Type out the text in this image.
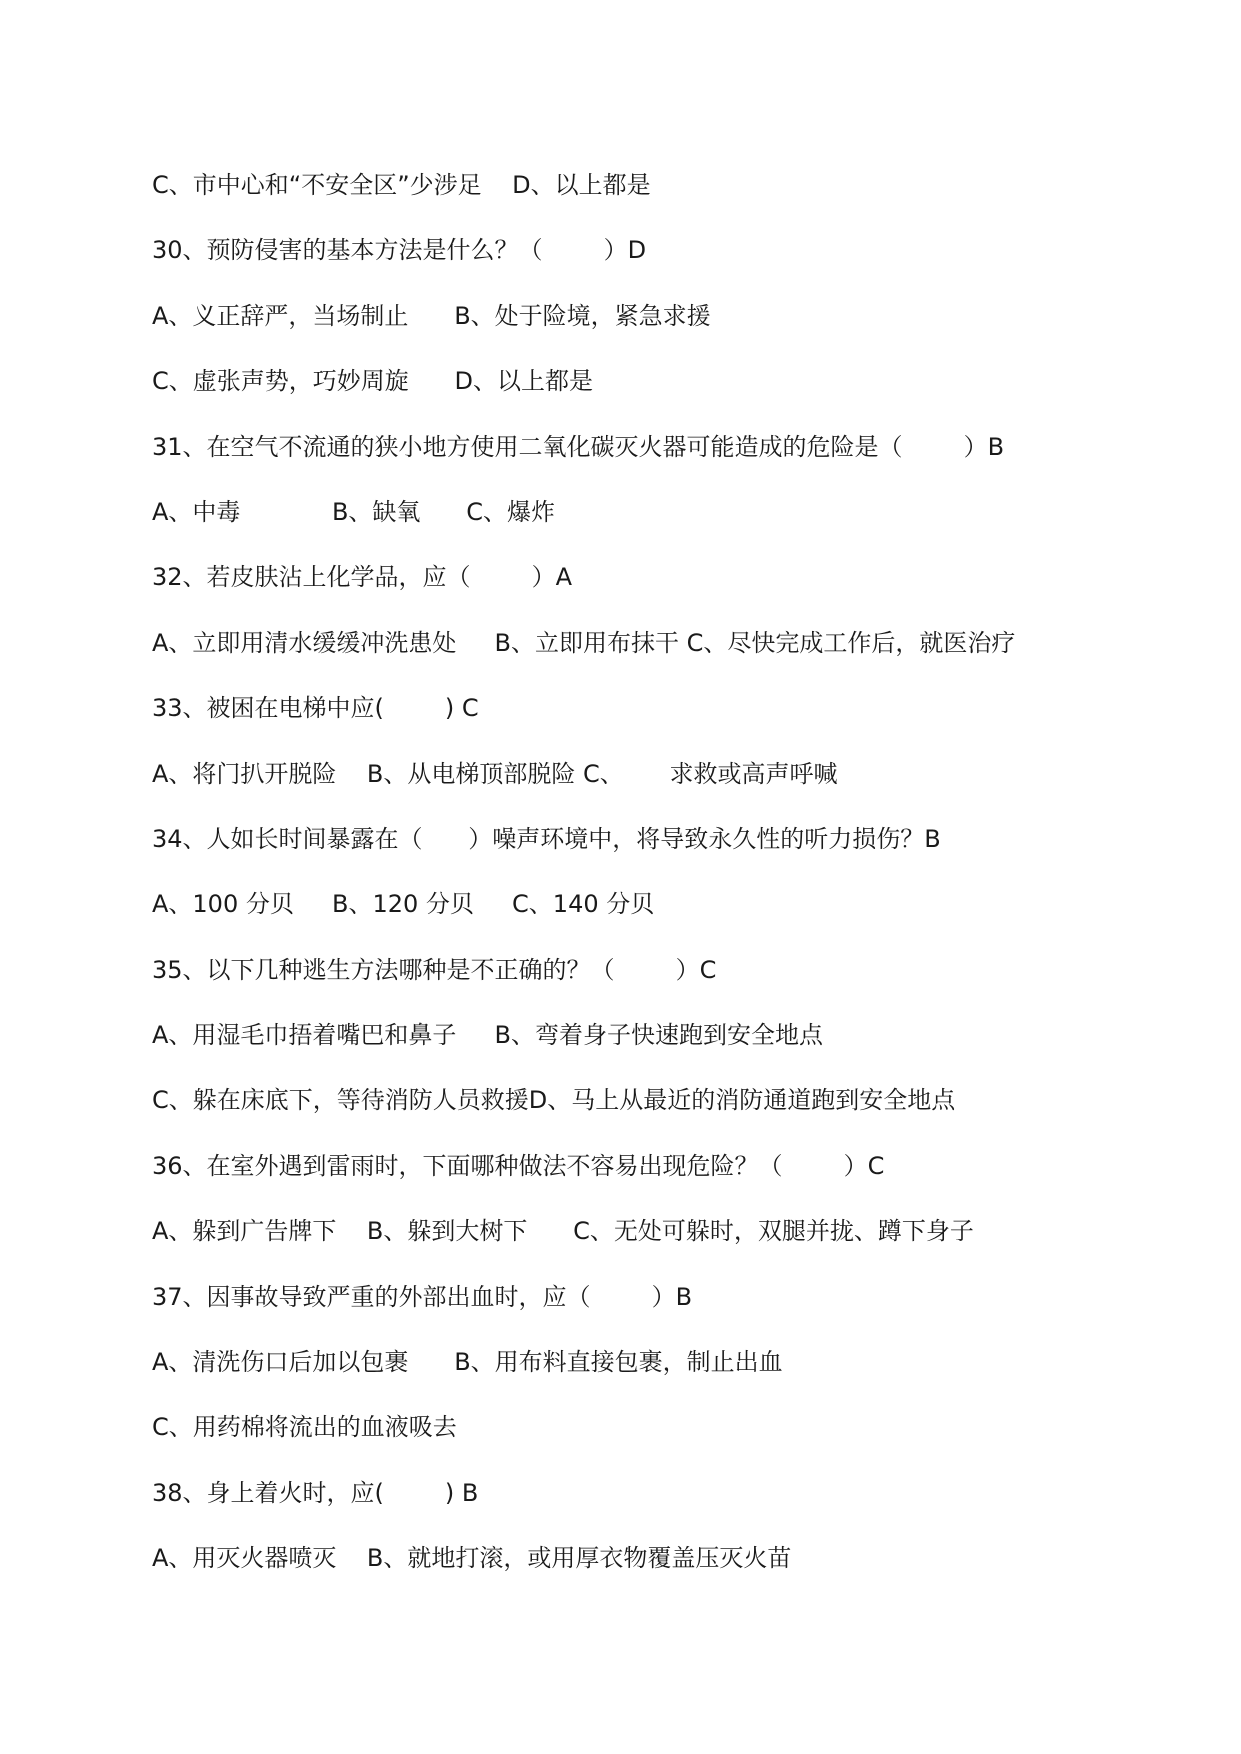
C、市中心和“不安全区”少涉足    D、以上都是

30、预防侵害的基本方法是什么？（        ）D

A、义正辞严，当场制止      B、处于险境，紧急求援

C、虚张声势，巧妙周旋      D、以上都是

31、在空气不流通的狭小地方使用二氧化碳灭火器可能造成的危险是（        ）B

A、中毒            B、缺氧      C、爆炸

32、若皮肤沾上化学品，应（        ）A

A、立即用清水缓缓冲洗患处     B、立即用布抹干 C、尽快完成工作后，就医治疗

33、被困在电梯中应(        ) C

A、将门扒开脱险    B、从电梯顶部脱险 C、      求救或高声呼喊

34、人如长时间暴露在（      ）噪声环境中，将导致永久性的听力损伤？B

A、100 分贝     B、120 分贝     C、140 分贝

35、以下几种逃生方法哪种是不正确的？（        ）C

A、用湿毛巾捂着嘴巴和鼻子     B、弯着身子快速跑到安全地点

C、躲在床底下，等待消防人员救援D、马上从最近的消防通道跑到安全地点

36、在室外遇到雷雨时，下面哪种做法不容易出现危险？（        ）C

A、躲到广告牌下    B、躲到大树下      C、无处可躲时，双腿并拢、蹲下身子

37、因事故导致严重的外部出血时，应（        ）B

A、清洗伤口后加以包裹      B、用布料直接包裹，制止出血

C、用药棉将流出的血液吸去

38、身上着火时，应(        ) B

A、用灭火器喷灭    B、就地打滚，或用厚衣物覆盖压灭火苗
